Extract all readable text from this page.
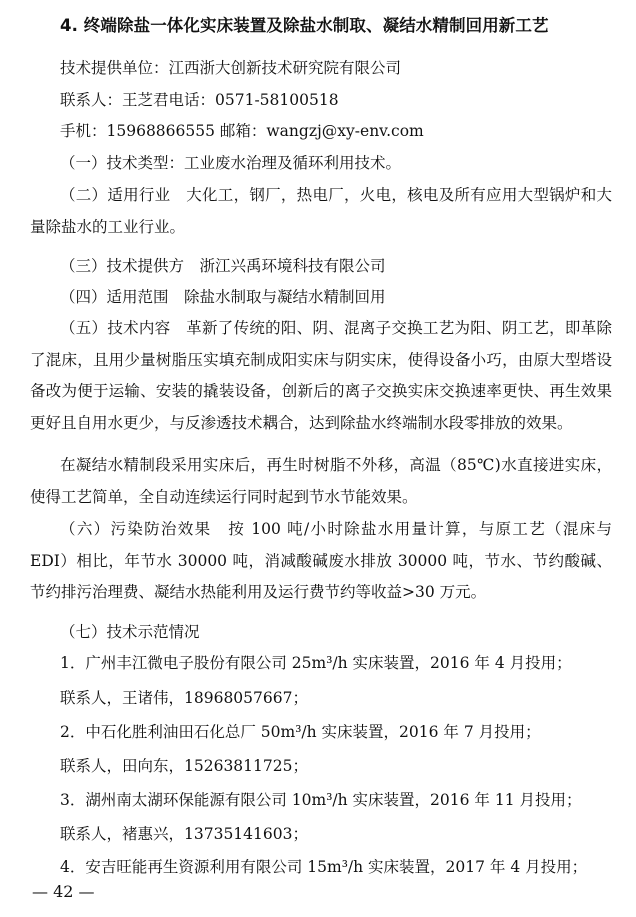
4. 终端除盐一体化实床装置及除盐水制取、凝结水精制回用新工艺
技术提供单位：江西浙大创新技术研究院有限公司
联系人：王芝君电话：0571-58100518
手机：15968866555 邮箱：wangzj@xy-env.com
（一）技术类型：工业废水治理及循环利用技术。
（二）适用行业　大化工，钢厂，热电厂，火电，核电及所有应用大型锅炉和大量除盐水的工业行业。
（三）技术提供方　浙江兴禹环境科技有限公司
（四）适用范围　除盐水制取与凝结水精制回用
（五）技术内容　革新了传统的阳、阴、混离子交换工艺为阳、阴工艺，即革除了混床，且用少量树脂压实填充制成阳实床与阴实床，使得设备小巧，由原大型塔设备改为便于运输、安装的撬装设备，创新后的离子交换实床交换速率更快、再生效果更好且自用水更少，与反渗透技术耦合，达到除盐水终端制水段零排放的效果。
在凝结水精制段采用实床后，再生时树脂不外移，高温（85℃)水直接进实床，使得工艺简单，全自动连续运行同时起到节水节能效果。
（六）污染防治效果　按 100 吨/小时除盐水用量计算，与原工艺（混床与 EDI）相比，年节水 30000 吨，消减酸碱废水排放 30000 吨，节水、节约酸碱、节约排污治理费、凝结水热能利用及运行费节约等收益>30 万元。
（七）技术示范情况
1．广州丰江微电子股份有限公司 25m³/h 实床装置，2016 年 4 月投用；
联系人，王诸伟，18968057667；
2．中石化胜利油田石化总厂 50m³/h 实床装置，2016 年 7 月投用；
联系人，田向东，15263811725；
3．湖州南太湖环保能源有限公司 10m³/h 实床装置，2016 年 11 月投用；
联系人，褚惠兴，13735141603；
4．安吉旺能再生资源利用有限公司 15m³/h 实床装置，2017 年 4 月投用；
— 42 —
